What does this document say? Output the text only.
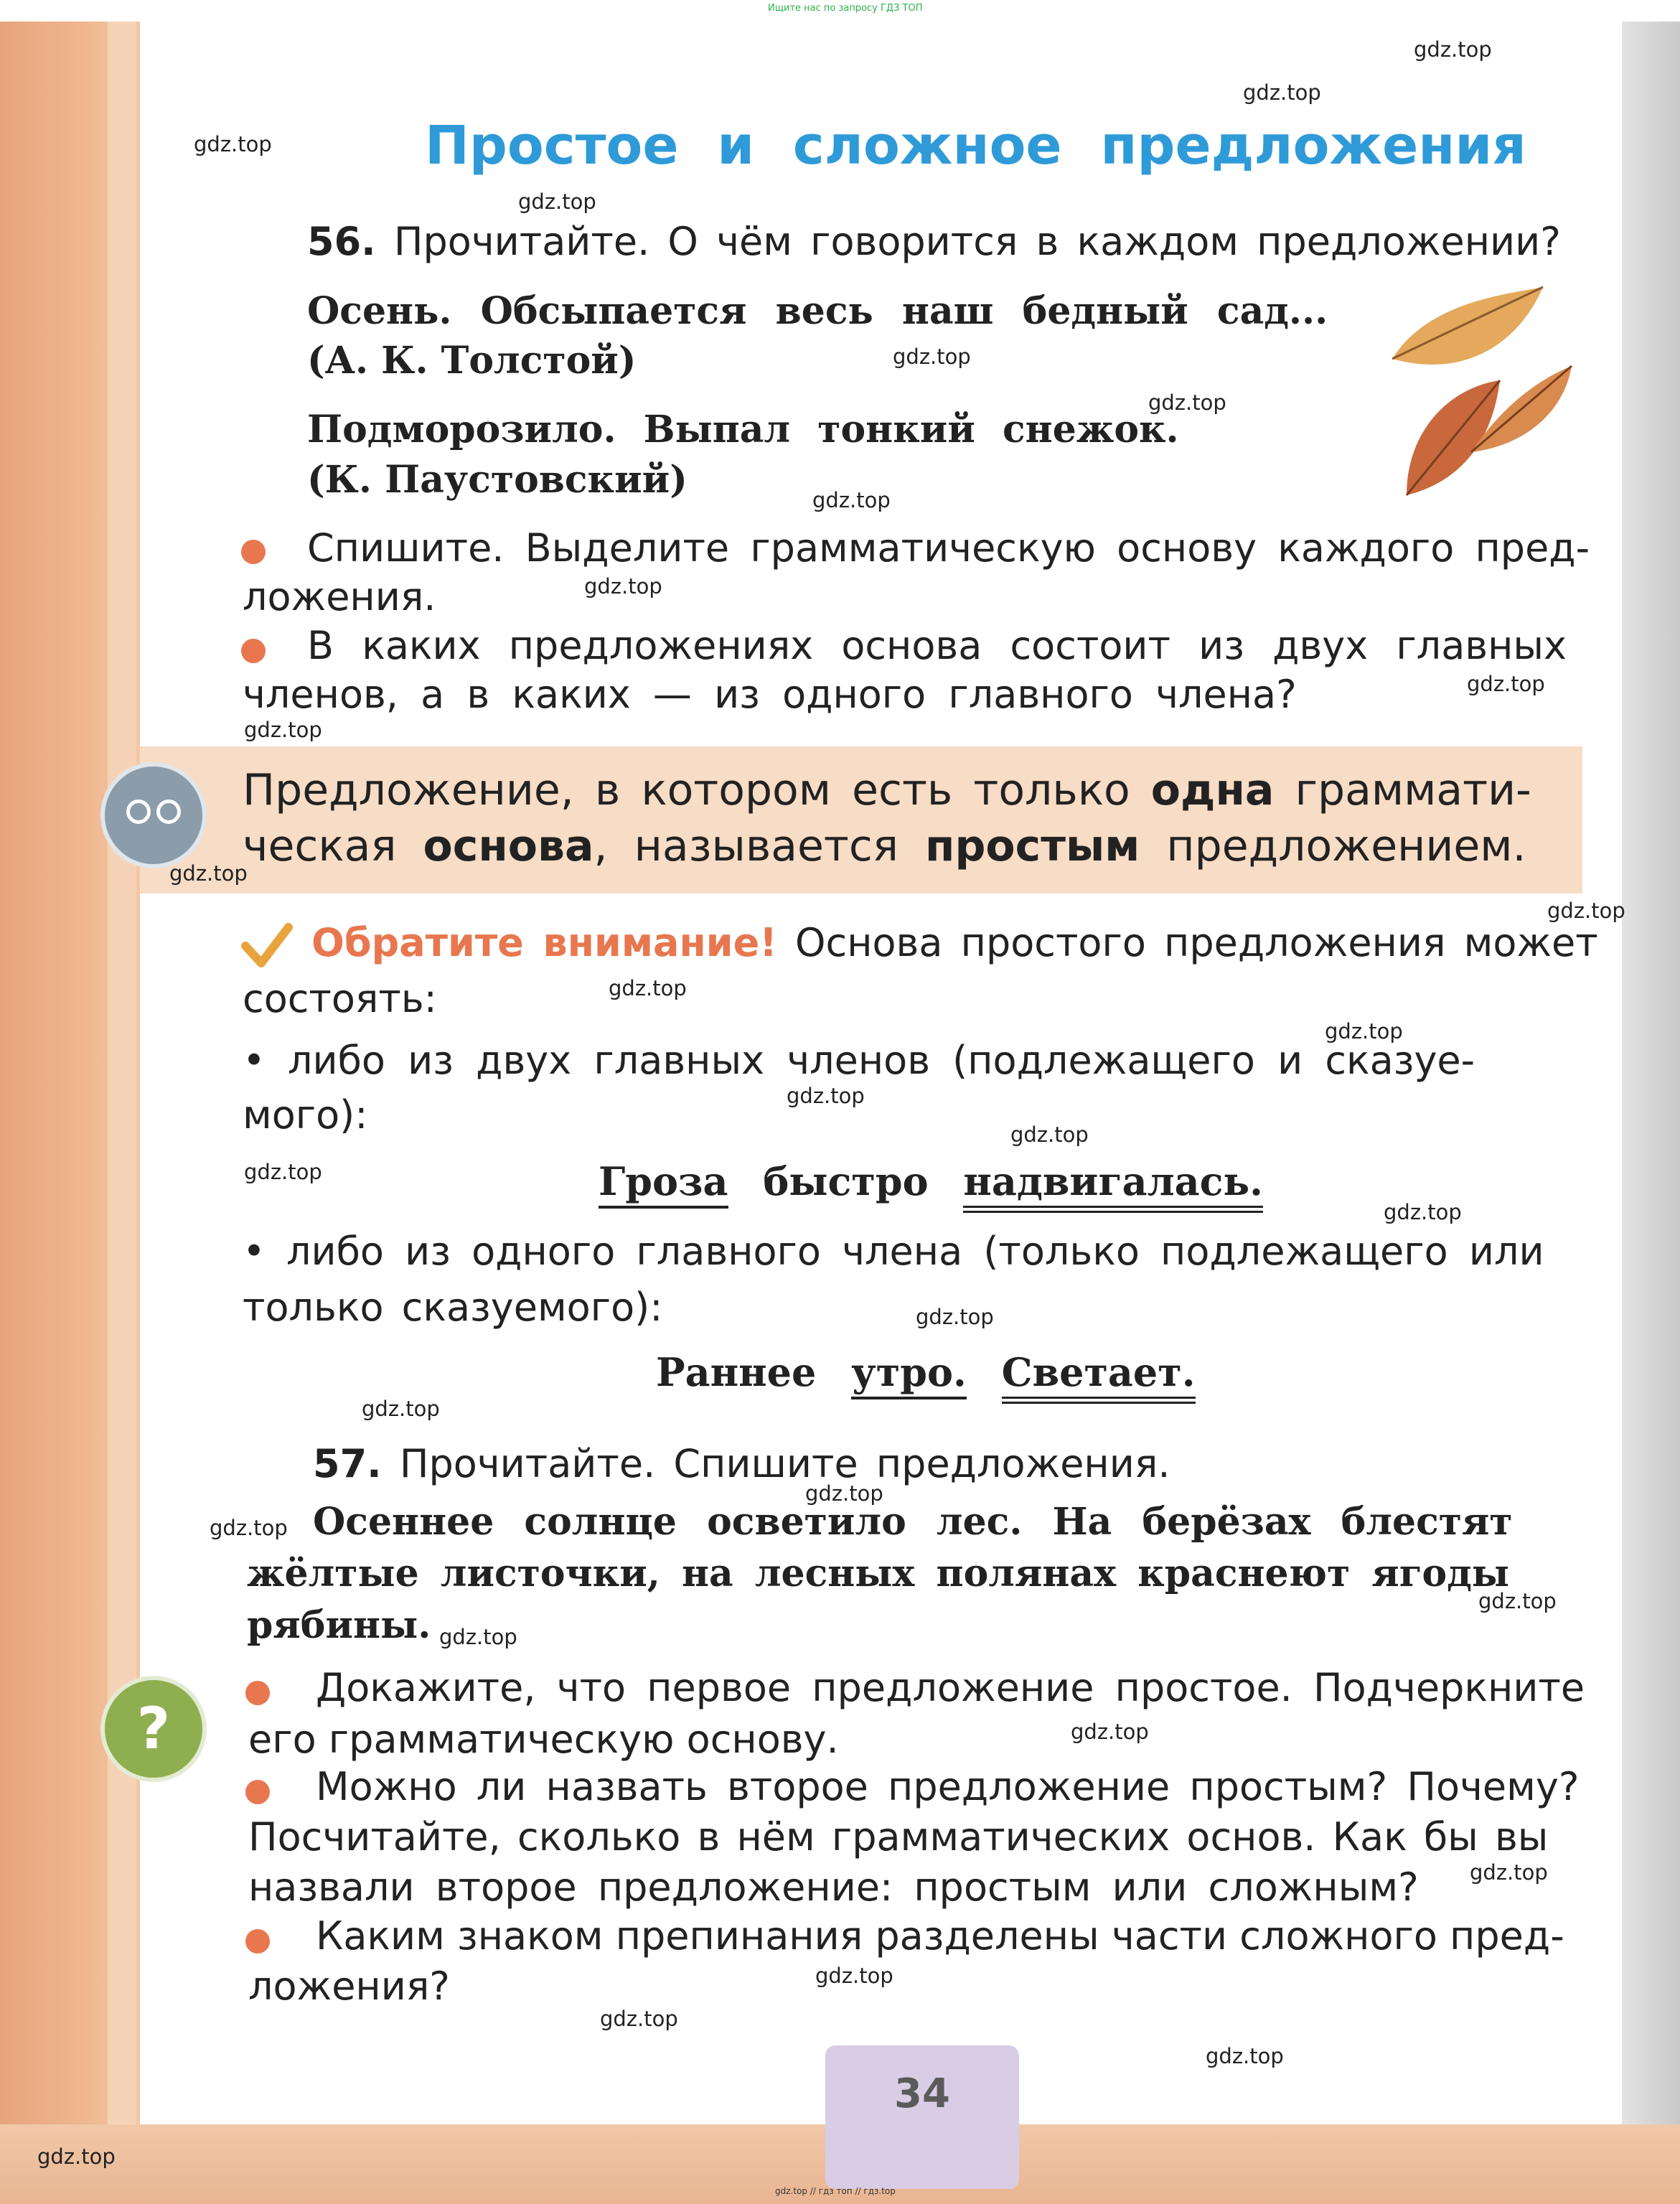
Ищите нас по запросу ГДЗ ТОП
Простое и сложное предложения
56. Прочитайте. О чём говорится в каждом предложении?
Осень. Обсыпается весь наш бедный сад...
(А. К. Толстой)
Подморозило. Выпал тонкий снежок.
(К. Паустовский)
Спишите. Выделите грамматическую основу каждого пред-
ложения.
В каких предложениях основа состоит из двух главных
членов, а в каких — из одного главного члена?
Предложение, в котором есть только одна граммати-
ческая основа, называется простым предложением.
Обратите внимание! Основа простого предложения может
состоять:
• либо из двух главных членов (подлежащего и сказуе-
мого):
Гроза быстро надвигалась.
• либо из одного главного члена (только подлежащего или
только сказуемого):
Раннее утро. Светает.
57. Прочитайте. Спишите предложения.
Осеннее солнце осветило лес. На берёзах блестят
жёлтые листочки, на лесных полянах краснеют ягоды
рябины.
?
Докажите, что первое предложение простое. Подчеркните
его грамматическую основу.
Можно ли назвать второе предложение простым? Почему?
Посчитайте, сколько в нём грамматических основ. Как бы вы
назвали второе предложение: простым или сложным?
Каким знаком препинания разделены части сложного пред-
ложения?
34
gdz.top
gdz.top
gdz.top
gdz.top
gdz.top
gdz.top
gdz.top
gdz.top
gdz.top
gdz.top
gdz.top
gdz.top
gdz.top
gdz.top
gdz.top
gdz.top
gdz.top
gdz.top
gdz.top
gdz.top
gdz.top
gdz.top
gdz.top
gdz.top
gdz.top
gdz.top
gdz.top
gdz.top
gdz.top
gdz.top
gdz.top // гдз топ // гдз.top
